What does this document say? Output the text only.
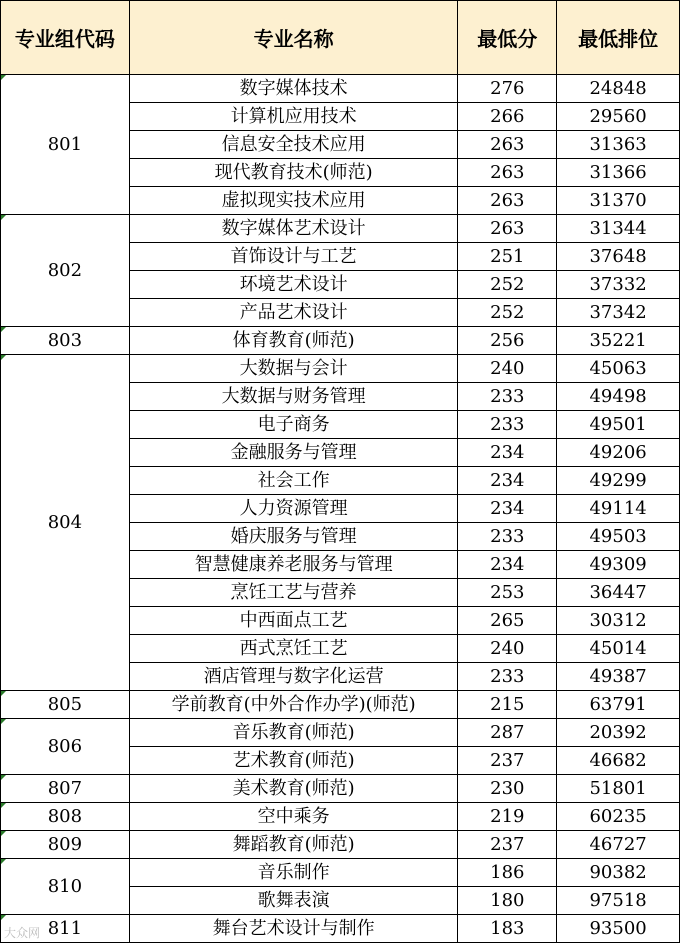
专业组代码	专业名称	最低分	最低排位
801	数字媒体技术	276	24848
	计算机应用技术	266	29560
	信息安全技术应用	263	31363
	现代教育技术(师范)	263	31366
	虚拟现实技术应用	263	31370
802	数字媒体艺术设计	263	31344
	首饰设计与工艺	251	37648
	环境艺术设计	252	37332
	产品艺术设计	252	37342
803	体育教育(师范)	256	35221
804	大数据与会计	240	45063
	大数据与财务管理	233	49498
	电子商务	233	49501
	金融服务与管理	234	49206
	社会工作	234	49299
	人力资源管理	234	49114
	婚庆服务与管理	233	49503
	智慧健康养老服务与管理	234	49309
	烹饪工艺与营养	253	36447
	中西面点工艺	265	30312
	西式烹饪工艺	240	45014
	酒店管理与数字化运营	233	49387
805	学前教育(中外合作办学)(师范)	215	63791
806	音乐教育(师范)	287	20392
	艺术教育(师范)	237	46682
807	美术教育(师范)	230	51801
808	空中乘务	219	60235
809	舞蹈教育(师范)	237	46727
810	音乐制作	186	90382
	歌舞表演	180	97518
811	舞台艺术设计与制作	183	93500
大众网
